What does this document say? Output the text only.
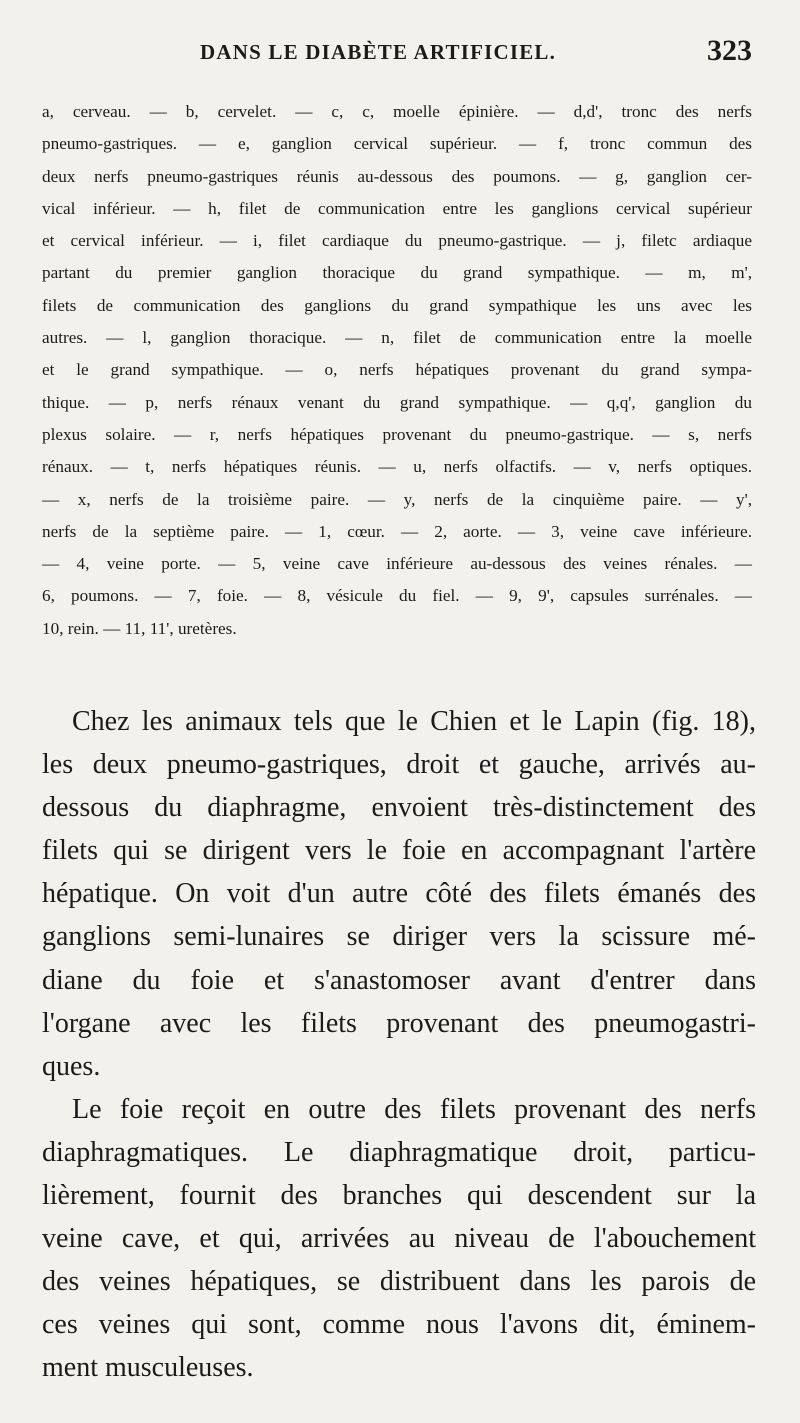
DANS LE DIABÈTE ARTIFICIEL.	323
a, cerveau. — b, cervelet. — c, c, moelle épinière. — d,d', tronc des nerfs
pneumo-gastriques. — e, ganglion cervical supérieur. — f, tronc commun des
deux nerfs pneumo-gastriques réunis au-dessous des poumons. — g, ganglion cer-
vical inférieur. — h, filet de communication entre les ganglions cervical supérieur
et cervical inférieur. — i, filet cardiaque du pneumo-gastrique. — j, filetc ardiaque
partant du premier ganglion thoracique du grand sympathique. — m, m',
filets de communication des ganglions du grand sympathique les uns avec les
autres. — l, ganglion thoracique. — n, filet de communication entre la moelle
et le grand sympathique. — o, nerfs hépatiques provenant du grand sympa-
thique. — p, nerfs rénaux venant du grand sympathique. — q,q', ganglion du
plexus solaire. — r, nerfs hépatiques provenant du pneumo-gastrique. — s, nerfs
rénaux. — t, nerfs hépatiques réunis. — u, nerfs olfactifs. — v, nerfs optiques.
— x, nerfs de la troisième paire. — y, nerfs de la cinquième paire. — y',
nerfs de la septième paire. — 1, cœur. — 2, aorte. — 3, veine cave inférieure.
— 4, veine porte. — 5, veine cave inférieure au-dessous des veines rénales. —
6, poumons. — 7, foie. — 8, vésicule du fiel. — 9, 9', capsules surrénales. —
10, rein. — 11, 11', uretères.
Chez les animaux tels que le Chien et le Lapin (fig. 18),
les deux pneumo-gastriques, droit et gauche, arrivés au-
dessous du diaphragme, envoient très-distinctement des
filets qui se dirigent vers le foie en accompagnant l'artère
hépatique. On voit d'un autre côté des filets émanés des
ganglions semi-lunaires se diriger vers la scissure mé-
diane du foie et s'anastomoser avant d'entrer dans
l'organe avec les filets provenant des pneumogastri-
ques.
Le foie reçoit en outre des filets provenant des nerfs
diaphragmatiques. Le diaphragmatique droit, particu-
lièrement, fournit des branches qui descendent sur la
veine cave, et qui, arrivées au niveau de l'abouchement
des veines hépatiques, se distribuent dans les parois de
ces veines qui sont, comme nous l'avons dit, éminem-
ment musculeuses.
